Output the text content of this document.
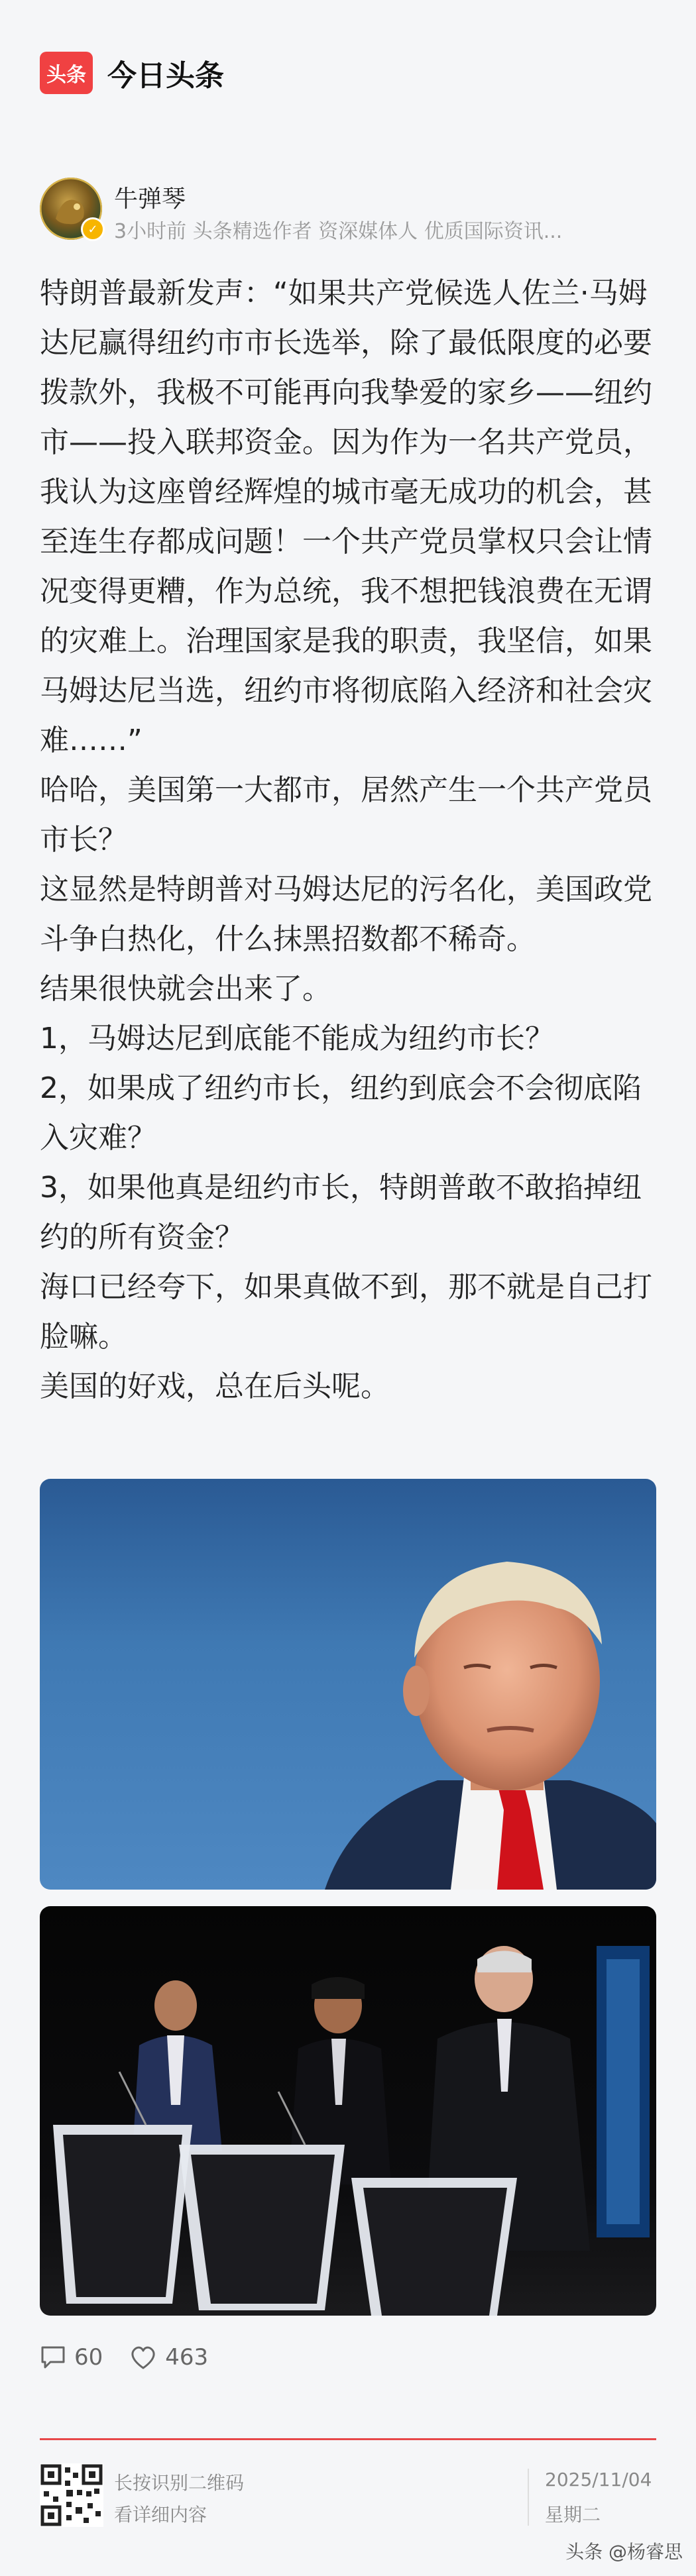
头条 今日头条
✓
牛弹琴
3小时前 头条精选作者 资深媒体人 优质国际资讯...

特朗普最新发声：“如果共产党候选人佐兰·马姆达尼赢得纽约市市长选举，除了最低限度的必要拨款外，我极不可能再向我挚爱的家乡——纽约市——投入联邦资金。因为作为一名共产党员，我认为这座曾经辉煌的城市毫无成功的机会，甚至连生存都成问题！一个共产党员掌权只会让情况变得更糟，作为总统，我不想把钱浪费在无谓的灾难上。治理国家是我的职责，我坚信，如果马姆达尼当选，纽约市将彻底陷入经济和社会灾难……”

哈哈，美国第一大都市，居然产生一个共产党员市长？

这显然是特朗普对马姆达尼的污名化，美国政党斗争白热化，什么抹黑招数都不稀奇。

结果很快就会出来了。

1，马姆达尼到底能不能成为纽约市长？

2，如果成了纽约市长，纽约到底会不会彻底陷入灾难？

3，如果他真是纽约市长，特朗普敢不敢掐掉纽约的所有资金？

海口已经夸下，如果真做不到，那不就是自己打脸嘛。

美国的好戏，总在后头呢。

60	463
长按识别二维码
看详细内容
2025/11/04
星期二
头条 @杨睿思
